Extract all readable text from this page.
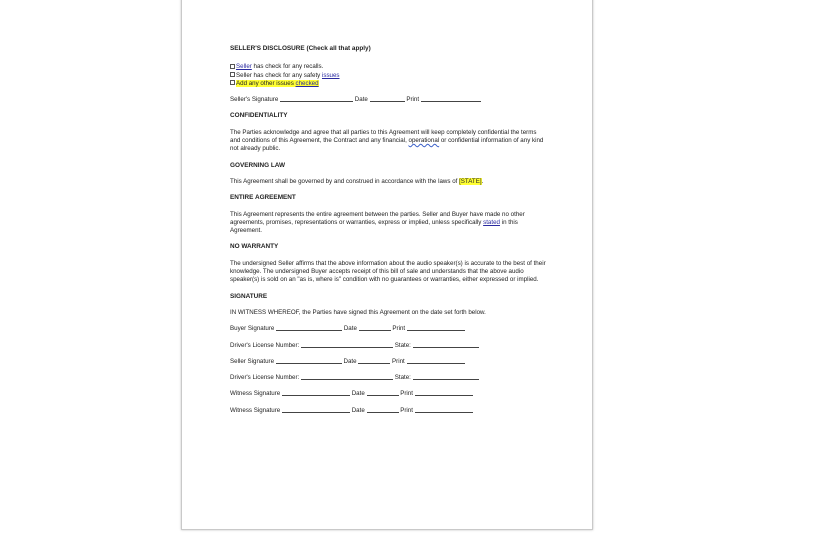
SELLER'S DISCLOSURE (Check all that apply)

Seller has check for any recalls.

Seller has check for any safety issues

Add any other issues checked

Seller's Signature	Date	Print

CONFIDENTIALITY

The Parties acknowledge and agree that all parties to this Agreement will keep completely confidential the terms and conditions of this Agreement, the Contract and any financial, operational or confidential information of any kind not already public.

GOVERNING LAW

This Agreement shall be governed by and construed in accordance with the laws of [STATE].

ENTIRE AGREEMENT

This Agreement represents the entire agreement between the parties. Seller and Buyer have made no other agreements, promises, representations or warranties, express or implied, unless specifically stated in this Agreement.

NO WARRANTY

The undersigned Seller affirms that the above information about the audio speaker(s) is accurate to the best of their knowledge. The undersigned Buyer accepts receipt of this bill of sale and understands that the above audio speaker(s) is sold on an "as is, where is" condition with no guarantees or warranties, either expressed or implied.

SIGNATURE

IN WITNESS WHEREOF, the Parties have signed this Agreement on the date set forth below.

Buyer Signature	Date	Print

Driver's License Number:	State:

Seller Signature	Date	Print

Driver's License Number:	State:

Witness Signature	Date	Print

Witness Signature	Date	Print
